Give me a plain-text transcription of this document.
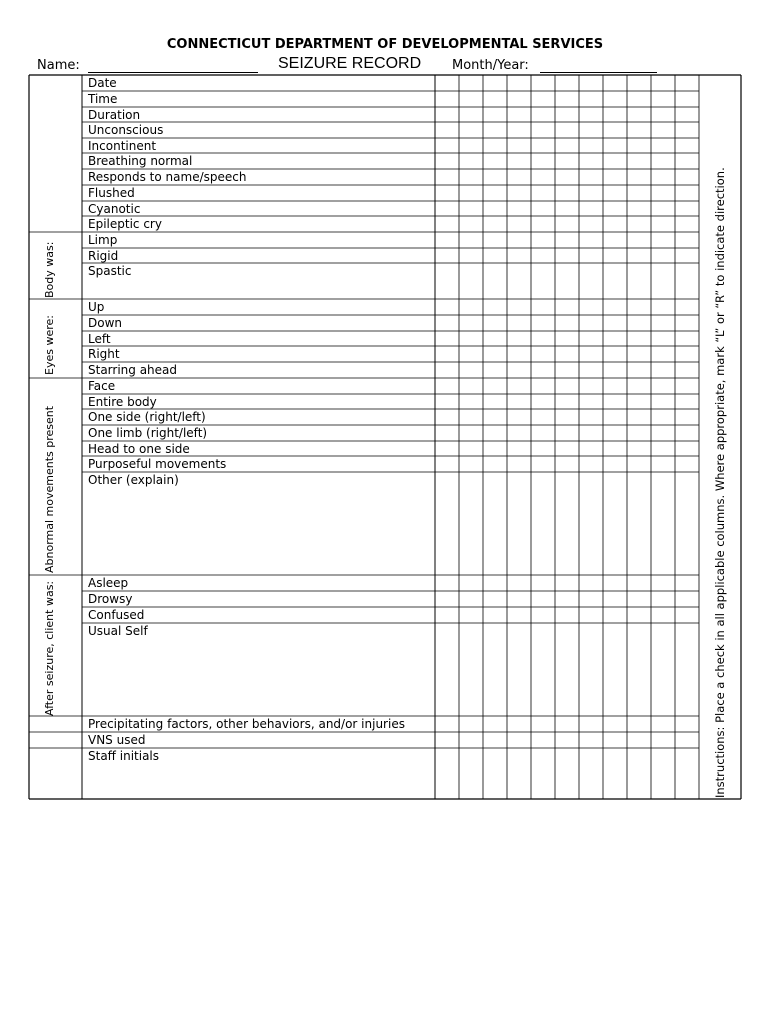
CONNECTICUT DEPARTMENT OF DEVELOPMENTAL SERVICES
Name:	SEIZURE RECORD Month/Year:
Date
Time
Duration
Unconscious
Incontinent
Breathing normal
Responds to name/speech
Flushed
Cyanotic
Epileptic cry
Limp
Rigid
Spastic
Up
Down
Left
Right
Starring ahead
Face
Entire body
One side (right/left)
One limb (right/left)
Head to one side
Purposeful movements
Other (explain)
Asleep
Drowsy
Confused
Usual Self
Precipitating factors, other behaviors, and/or injuries
VNS used
Staff initials
Body was:
Eyes were:
Abnormal movements present
After seizure, client was:	Instructions: Place a check in all applicable columns. Where appropriate, mark “L” or “R” to indicate direction.
